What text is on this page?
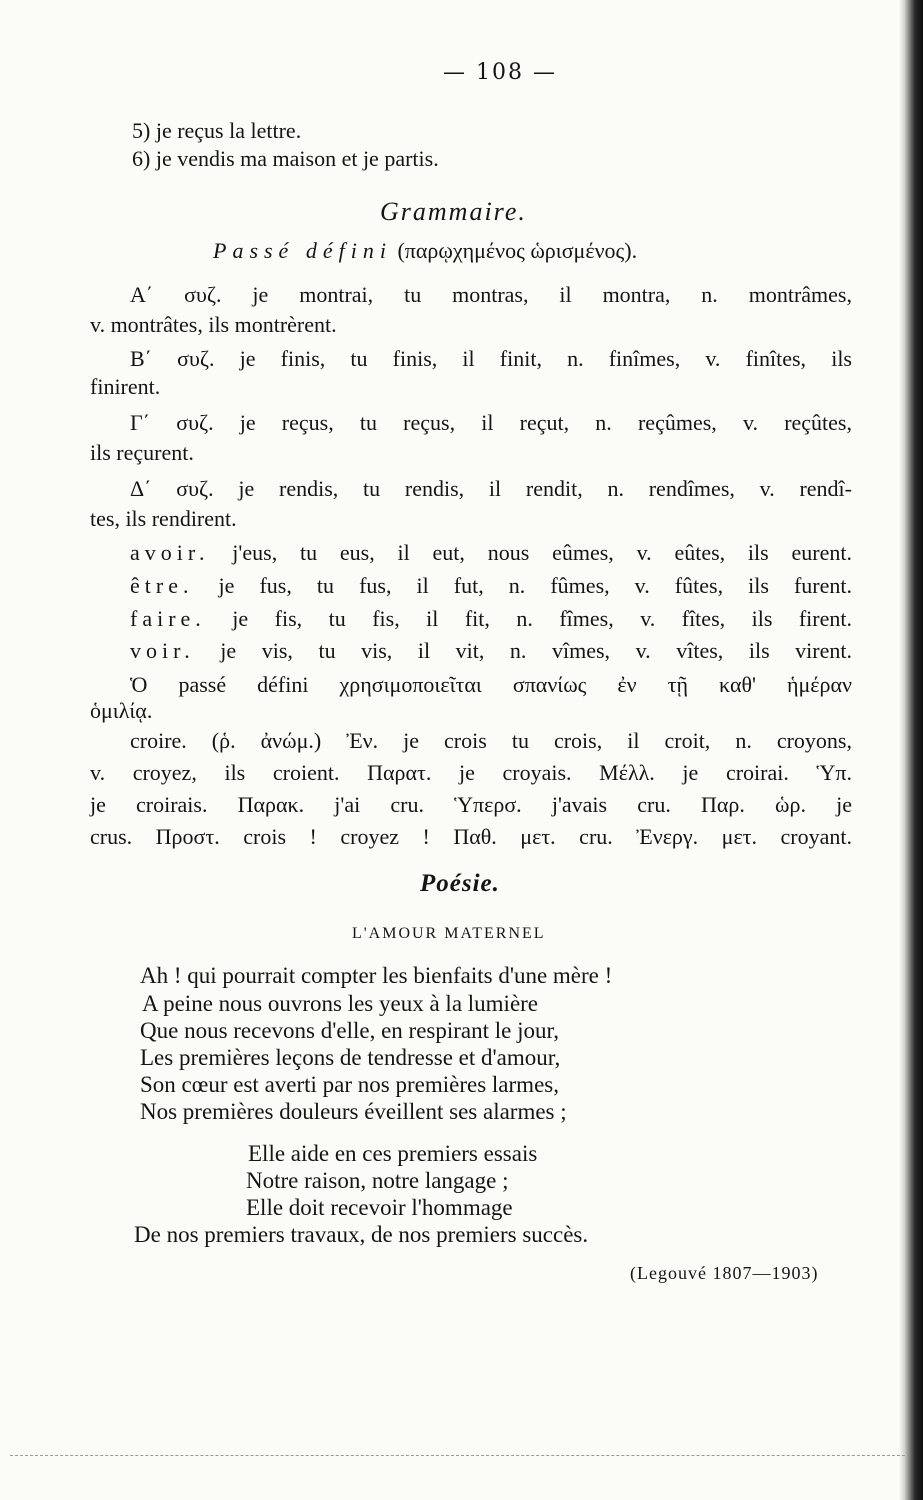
— 108 —
5) je reçus la lettre.
6) je vendis ma maison et je partis.
Grammaire.
Passé défini (παρῳχημένος ὡρισμένος).
Α΄ συζ. je montrai, tu montras, il montra, n. montrâmes,
v. montrâtes, ils montrèrent.
Β΄ συζ. je finis, tu finis, il finit, n. finîmes, v. finîtes, ils
finirent.
Γ΄ συζ. je reçus, tu reçus, il reçut, n. reçûmes, v. reçûtes,
ils reçurent.
Δ΄ συζ. je rendis, tu rendis, il rendit, n. rendîmes, v. rendî-
tes, ils rendirent.
avoir. j'eus, tu eus, il eut, nous eûmes, v. eûtes, ils eurent.
être. je fus, tu fus, il fut, n. fûmes, v. fûtes, ils furent.
faire. je fis, tu fis, il fit, n. fîmes, v. fîtes, ils firent.
voir. je vis, tu vis, il vit, n. vîmes, v. vîtes, ils virent.
Ὁ passé défini χρησιμοποιεῖται σπανίως ἐν τῇ καθ' ἡμέραν
ὁμιλίᾳ.
croire. (ῥ. ἀνώμ.) Ἐν. je crois tu crois, il croit, n. croyons,
v. croyez, ils croient. Παρατ. je croyais. Μέλλ. je croirai. Ὑπ.
je croirais. Παρακ. j'ai cru. Ὑπερσ. j'avais cru. Παρ. ὡρ. je
crus. Προστ. crois ! croyez ! Παθ. μετ. cru. Ἐνεργ. μετ. croyant.
Poésie.
L'AMOUR MATERNEL
Ah ! qui pourrait compter les bienfaits d'une mère !
A peine nous ouvrons les yeux à la lumière
Que nous recevons d'elle, en respirant le jour,
Les premières leçons de tendresse et d'amour,
Son cœur est averti par nos premières larmes,
Nos premières douleurs éveillent ses alarmes ;
Elle aide en ces premiers essais
Notre raison, notre langage ;
Elle doit recevoir l'hommage
De nos premiers travaux, de nos premiers succès.
(Legouvé 1807—1903)
